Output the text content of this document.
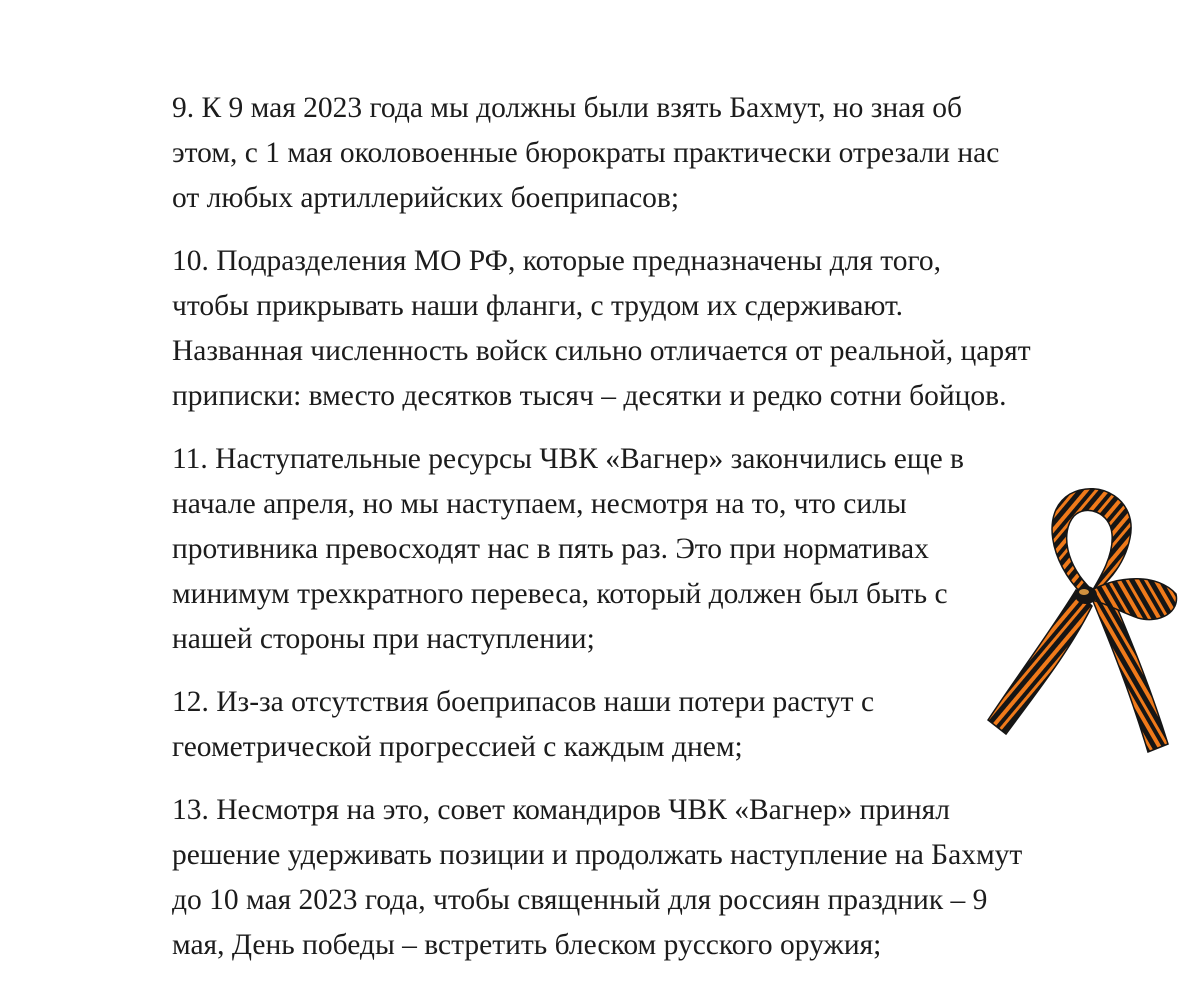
9. К 9 мая 2023 года мы должны были взять Бахмут, но зная об
этом, с 1 мая околовоенные бюрократы практически отрезали нас
от любых артиллерийских боеприпасов;

10. Подразделения МО РФ, которые предназначены для того,
чтобы прикрывать наши фланги, с трудом их сдерживают.
Названная численность войск сильно отличается от реальной, царят
приписки: вместо десятков тысяч – десятки и редко сотни бойцов.

11. Наступательные ресурсы ЧВК «Вагнер» закончились еще в
начале апреля, но мы наступаем, несмотря на то, что силы
противника превосходят нас в пять раз. Это при нормативах
минимум трехкратного перевеса, который должен был быть с
нашей стороны при наступлении;

12. Из-за отсутствия боеприпасов наши потери растут с
геометрической прогрессией с каждым днем;

13. Несмотря на это, совет командиров ЧВК «Вагнер» принял
решение удерживать позиции и продолжать наступление на Бахмут
до 10 мая 2023 года, чтобы священный для россиян праздник – 9
мая, День победы – встретить блеском русского оружия;
